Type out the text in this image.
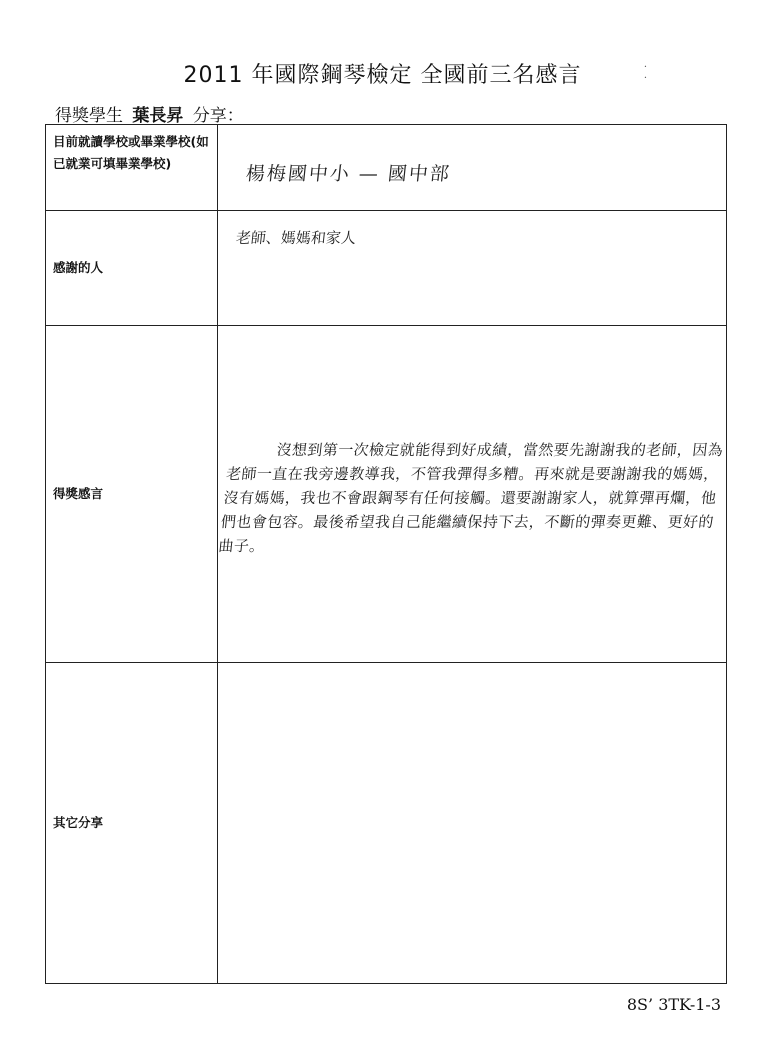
2011 年國際鋼琴檢定 全國前三名感言	·
·
得獎學生 葉長昇 分享：
目前就讀學校或畢業學校(如已就業可填畢業學校)	楊梅國中小 — 國中部

感謝的人	老師、媽媽和家人

得獎感言	沒想到第一次檢定就能得到好成績，當然要先謝謝我的老師，因為老師一直在我旁邊教導我，不管我彈得多糟。再來就是要謝謝我的媽媽，沒有媽媽，我也不會跟鋼琴有任何接觸。還要謝謝家人，就算彈再爛，他們也會包容。最後希望我自己能繼續保持下去，不斷的彈奏更難、更好的曲子。

其它分享	
8S’ 3TK-1-3
